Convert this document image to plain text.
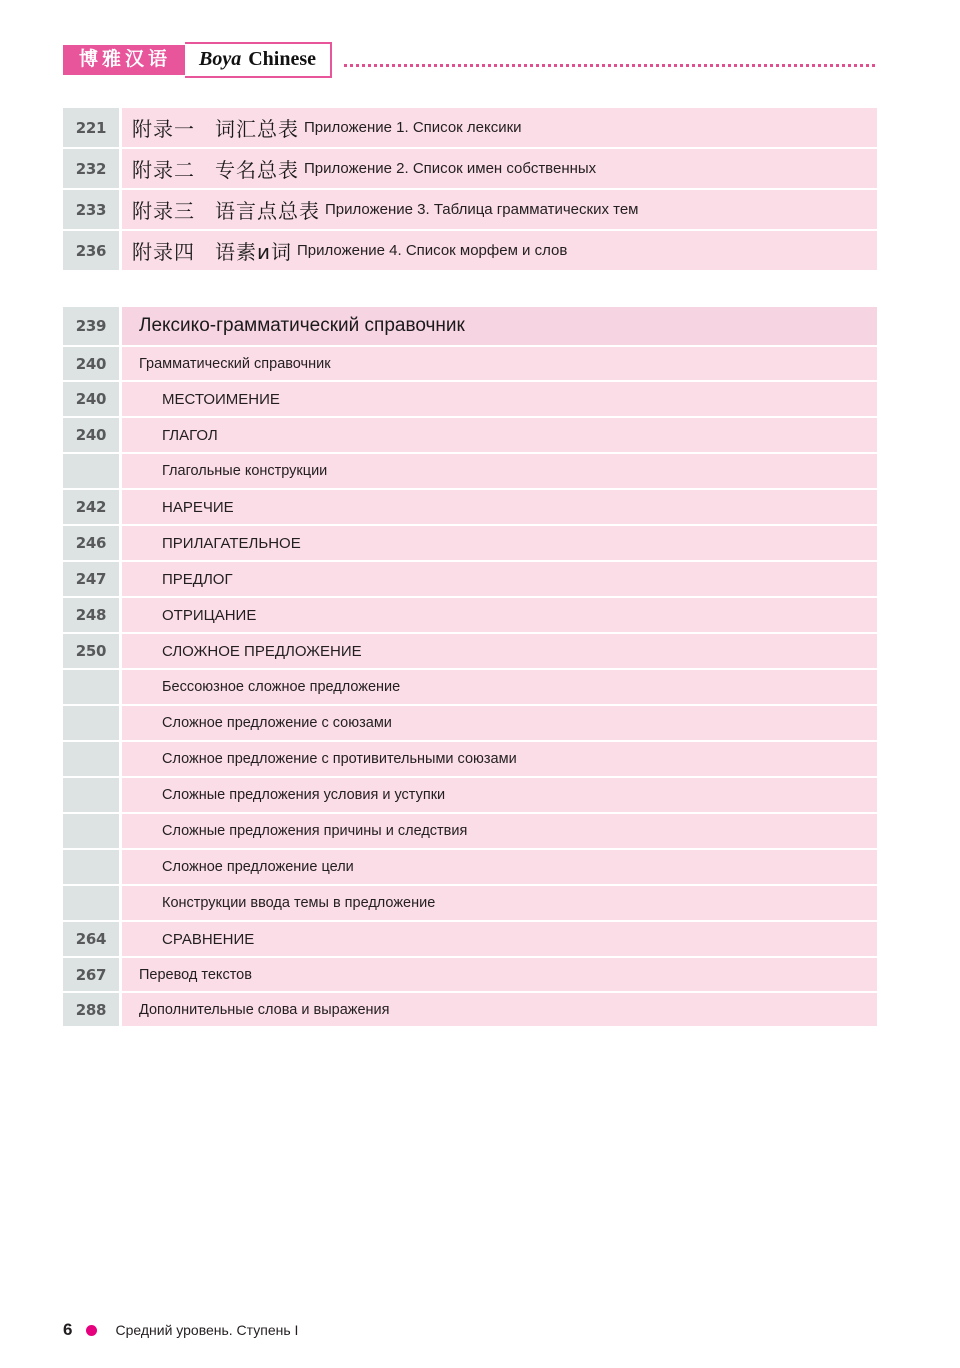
博雅汉语	Boya Chinese
221	附录一 词汇总表 Приложение 1. Список лексики
232	附录二 专名总表 Приложение 2. Список имен собственных
233	附录三 语言点总表 Приложение 3. Таблица грамматических тем
236	附录四 语素и词 Приложение 4. Список морфем и слов
239	Лексико-грамматический справочник
240	Грамматический справочник
240	МЕСТОИМЕНИЕ
240	ГЛАГОЛ
Глагольные конструкции
242	НАРЕЧИЕ
246	ПРИЛАГАТЕЛЬНОЕ
247	ПРЕДЛОГ
248	ОТРИЦАНИЕ
250	СЛОЖНОЕ ПРЕДЛОЖЕНИЕ
Бессоюзное сложное предложение
Сложное предложение с союзами
Сложное предложение с противительными союзами
Сложные предложения условия и уступки
Сложные предложения причины и следствия
Сложное предложение цели
Конструкции ввода темы в предложение
264	СРАВНЕНИЕ
267	Перевод текстов
288	Дополнительные слова и выражения
6	Средний уровень. Ступень I
